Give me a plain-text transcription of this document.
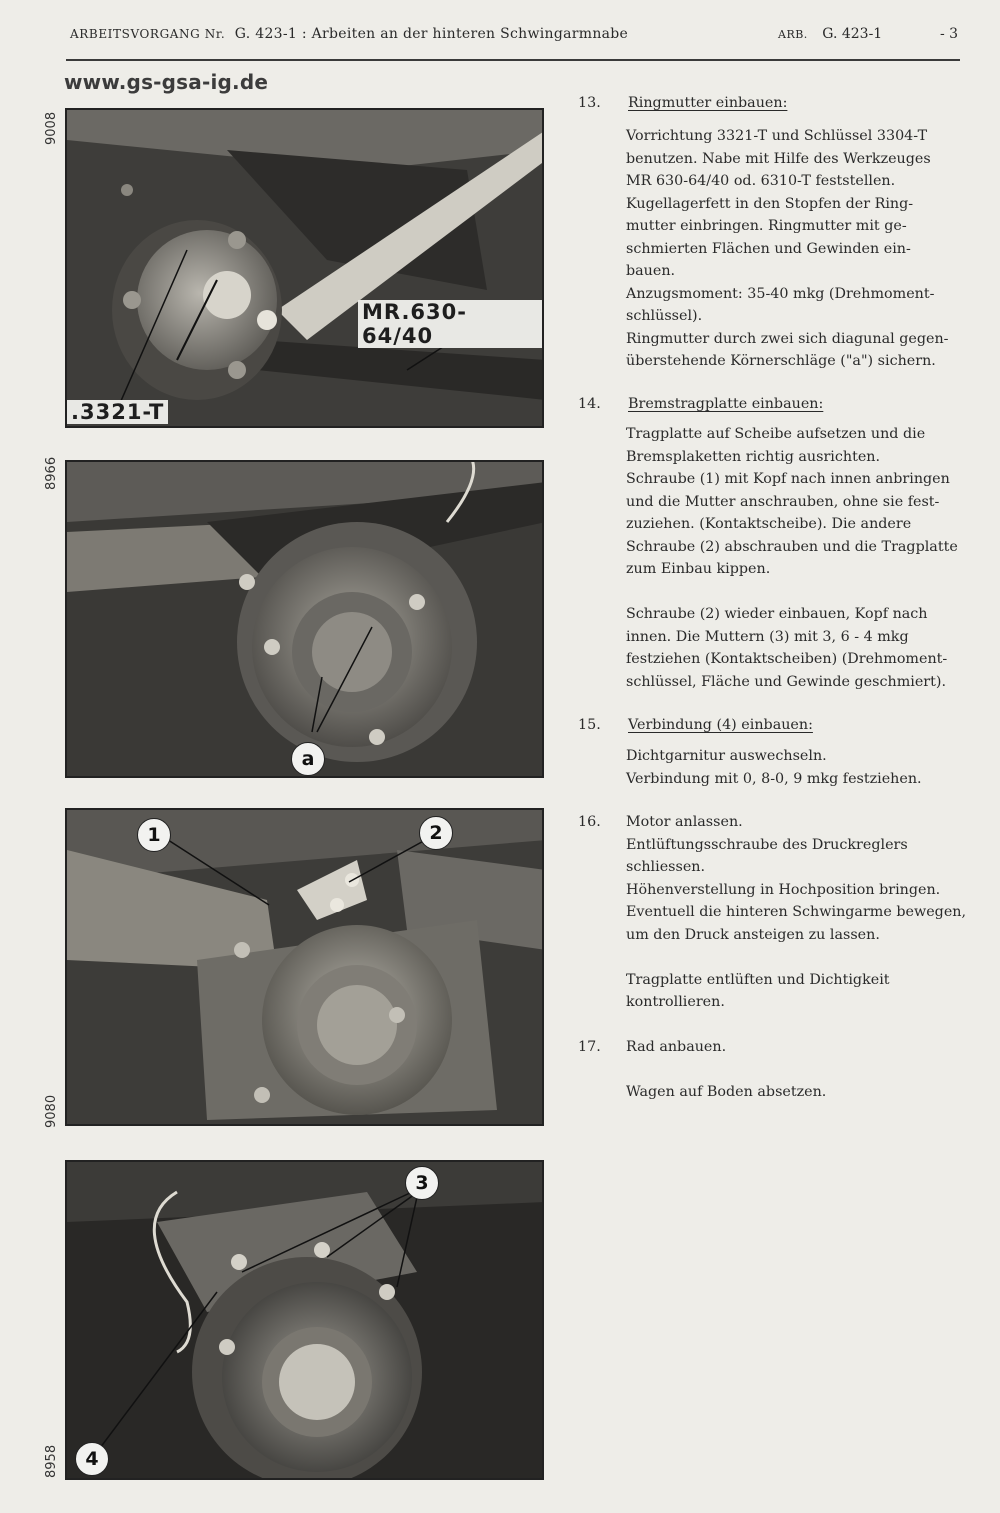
ARBEITSVORGANG Nr. G. 423-1 : Arbeiten an der hinteren Schwingarmnabe	ARB. G. 423-1	- 3
www.gs-gsa-ig.de
9008
MR.630-64/40
.3321-T
8966
a
9080
1	2
8958
3
4
13. Ringmutter einbauen:

Vorrichtung 3321-T und Schlüssel 3304-T

benutzen. Nabe mit Hilfe des Werkzeuges

MR 630-64/40 od. 6310-T feststellen.

Kugellagerfett in den Stopfen der Ring-

mutter einbringen. Ringmutter mit ge-

schmierten Flächen und Gewinden ein-

bauen.

Anzugsmoment: 35-40 mkg (Drehmoment-

schlüssel).

Ringmutter durch zwei sich diagunal gegen-

überstehende Körnerschläge ("a") sichern.

14. Bremstragplatte einbauen:

Tragplatte auf Scheibe aufsetzen und die

Bremsplaketten richtig ausrichten.

Schraube (1) mit Kopf nach innen anbringen

und die Mutter anschrauben, ohne sie fest-

zuziehen. (Kontaktscheibe). Die andere

Schraube (2) abschrauben und die Tragplatte

zum Einbau kippen.

Schraube (2) wieder einbauen, Kopf nach

innen. Die Muttern (3) mit 3, 6 - 4 mkg

festziehen (Kontaktscheiben) (Drehmoment-

schlüssel, Fläche und Gewinde geschmiert).

15. Verbindung (4) einbauen:

Dichtgarnitur auswechseln.

Verbindung mit 0, 8-0, 9 mkg festziehen.

16. Motor anlassen.

Entlüftungsschraube des Druckreglers

schliessen.

Höhenverstellung in Hochposition bringen.

Eventuell die hinteren Schwingarme bewegen,

um den Druck ansteigen zu lassen.

Tragplatte entlüften und Dichtigkeit

kontrollieren.

17. Rad anbauen.

Wagen auf Boden absetzen.
